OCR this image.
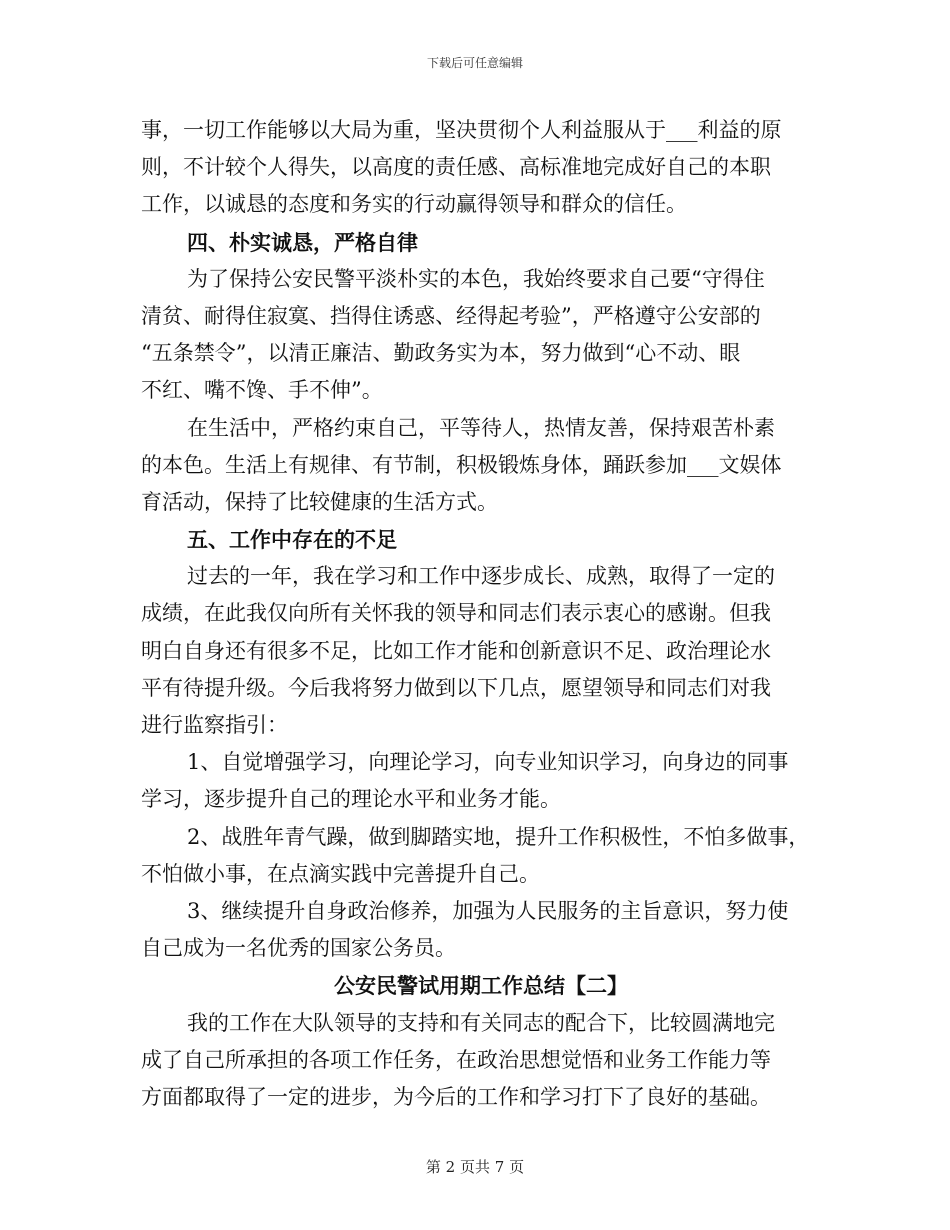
下载后可任意编辑
事，一切工作能够以大局为重，坚决贯彻个人利益服从于___利益的原
则，不计较个人得失，以高度的责任感、高标准地完成好自己的本职
工作，以诚恳的态度和务实的行动赢得领导和群众的信任。
四、朴实诚恳，严格自律
为了保持公安民警平淡朴实的本色，我始终要求自己要“守得住
清贫、耐得住寂寞、挡得住诱惑、经得起考验”，严格遵守公安部的
“五条禁令”，以清正廉洁、勤政务实为本，努力做到“心不动、眼
不红、嘴不馋、手不伸”。
在生活中，严格约束自己，平等待人，热情友善，保持艰苦朴素
的本色。生活上有规律、有节制，积极锻炼身体，踊跃参加___文娱体
育活动，保持了比较健康的生活方式。
五、工作中存在的不足
过去的一年，我在学习和工作中逐步成长、成熟，取得了一定的
成绩，在此我仅向所有关怀我的领导和同志们表示衷心的感谢。但我
明白自身还有很多不足，比如工作才能和创新意识不足、政治理论水
平有待提升级。今后我将努力做到以下几点，愿望领导和同志们对我
进行监察指引：
1、自觉增强学习，向理论学习，向专业知识学习，向身边的同事
学习，逐步提升自己的理论水平和业务才能。
2、战胜年青气躁，做到脚踏实地，提升工作积极性，不怕多做事，
不怕做小事，在点滴实践中完善提升自己。
3、继续提升自身政治修养，加强为人民服务的主旨意识，努力使
自己成为一名优秀的国家公务员。
公安民警试用期工作总结【二】
我的工作在大队领导的支持和有关同志的配合下，比较圆满地完
成了自己所承担的各项工作任务，在政治思想觉悟和业务工作能力等
方面都取得了一定的进步，为今后的工作和学习打下了良好的基础。
第 2 页共 7 页
